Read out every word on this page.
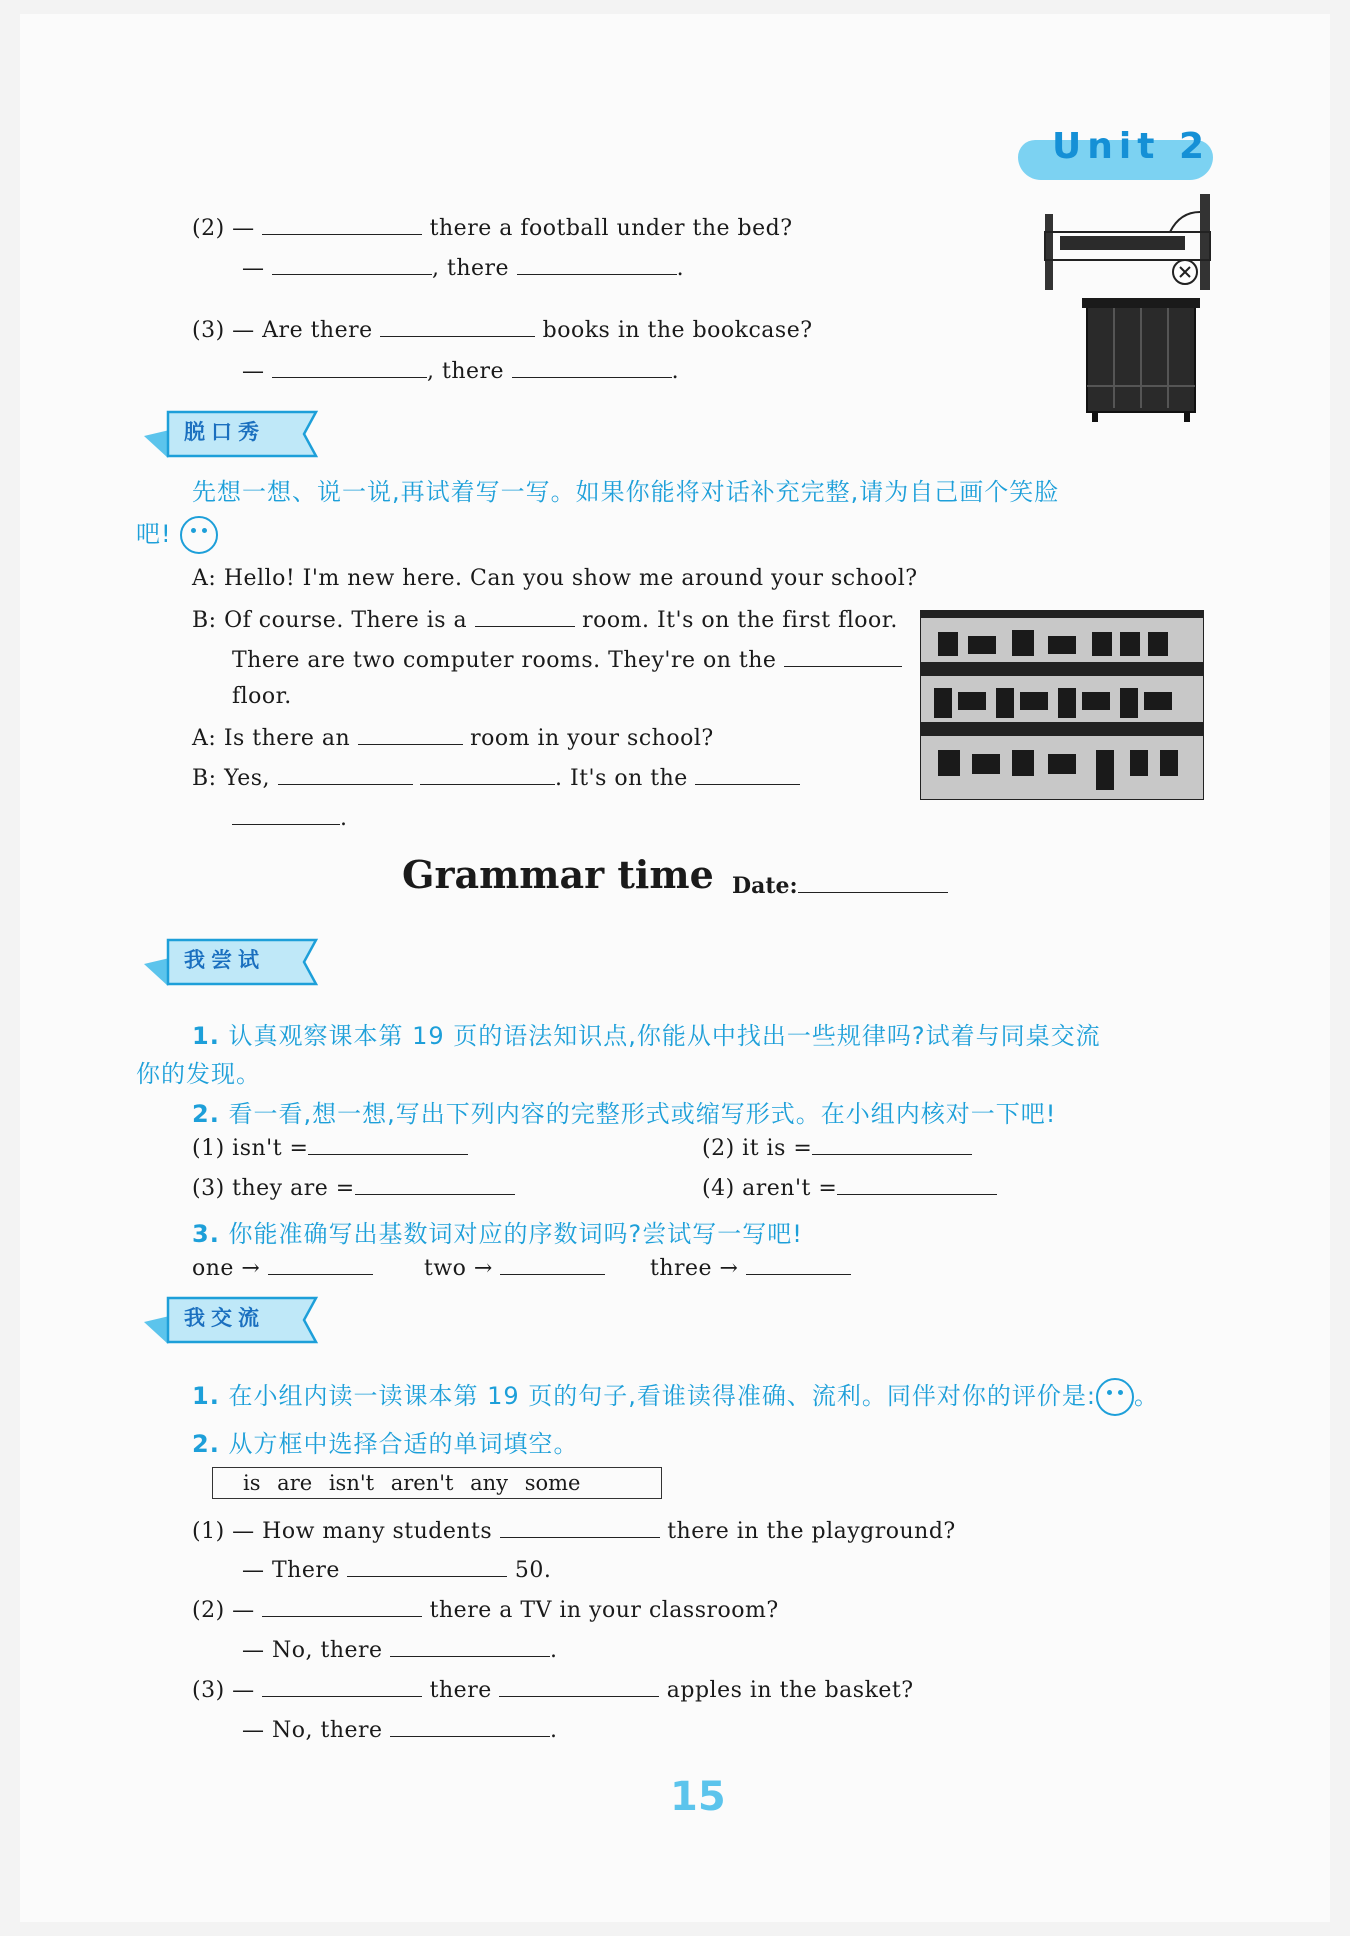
Unit 2
(2) —	there a football under the bed?
—	, there	.
(3) — Are there	books in the bookcase?
—	, there	.
脱口秀
先想一想、说一说,再试着写一写。如果你能将对话补充完整,请为自己画个笑脸
吧!
A: Hello! I'm new here. Can you show me around your school?
B: Of course. There is a	room. It's on the first floor.
There are two computer rooms. They're on the
floor.
A: Is there an	room in your school?
B: Yes,	. It's on the
.
Grammar time Date:
我尝试
1. 认真观察课本第 19 页的语法知识点,你能从中找出一些规律吗?试着与同桌交流
你的发现。
2. 看一看,想一想,写出下列内容的完整形式或缩写形式。在小组内核对一下吧!
(1) isn't =	(2) it is =
(3) they are =	(4) aren't =
3. 你能准确写出基数词对应的序数词吗?尝试写一写吧!
one →	two →	three →
我交流
1. 在小组内读一读课本第 19 页的句子,看谁读得准确、流利。同伴对你的评价是: 。
2. 从方框中选择合适的单词填空。
is are isn't aren't any some
(1) — How many students	there in the playground?
— There	50.
(2) —	there a TV in your classroom?
— No, there	.
(3) —	there	apples in the basket?
— No, there	.
15
